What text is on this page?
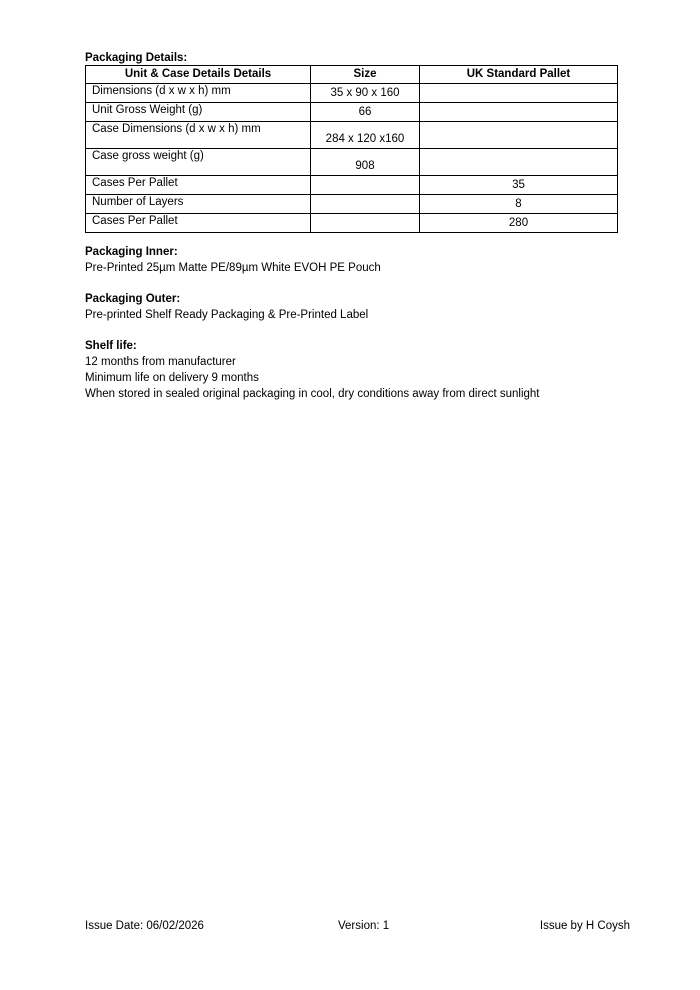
Packaging Details:
Unit & Case Details Details	Size	UK Standard Pallet
Dimensions (d x w x h) mm	35 x 90 x 160	
Unit Gross Weight (g)	66	
Case Dimensions (d x w x h) mm	284 x 120 x160	
Case gross weight (g)	908	
Cases Per Pallet		35
Number of Layers		8
Cases Per Pallet		280
Packaging Inner:
Pre-Printed 25µm Matte PE/89µm White EVOH PE Pouch
Packaging Outer:
Pre-printed Shelf Ready Packaging & Pre-Printed Label
Shelf life:
12 months from manufacturer
Minimum life on delivery 9 months
When stored in sealed original packaging in cool, dry conditions away from direct sunlight
Issue Date: 06/02/2026	Version: 1	Issue by H Coysh
